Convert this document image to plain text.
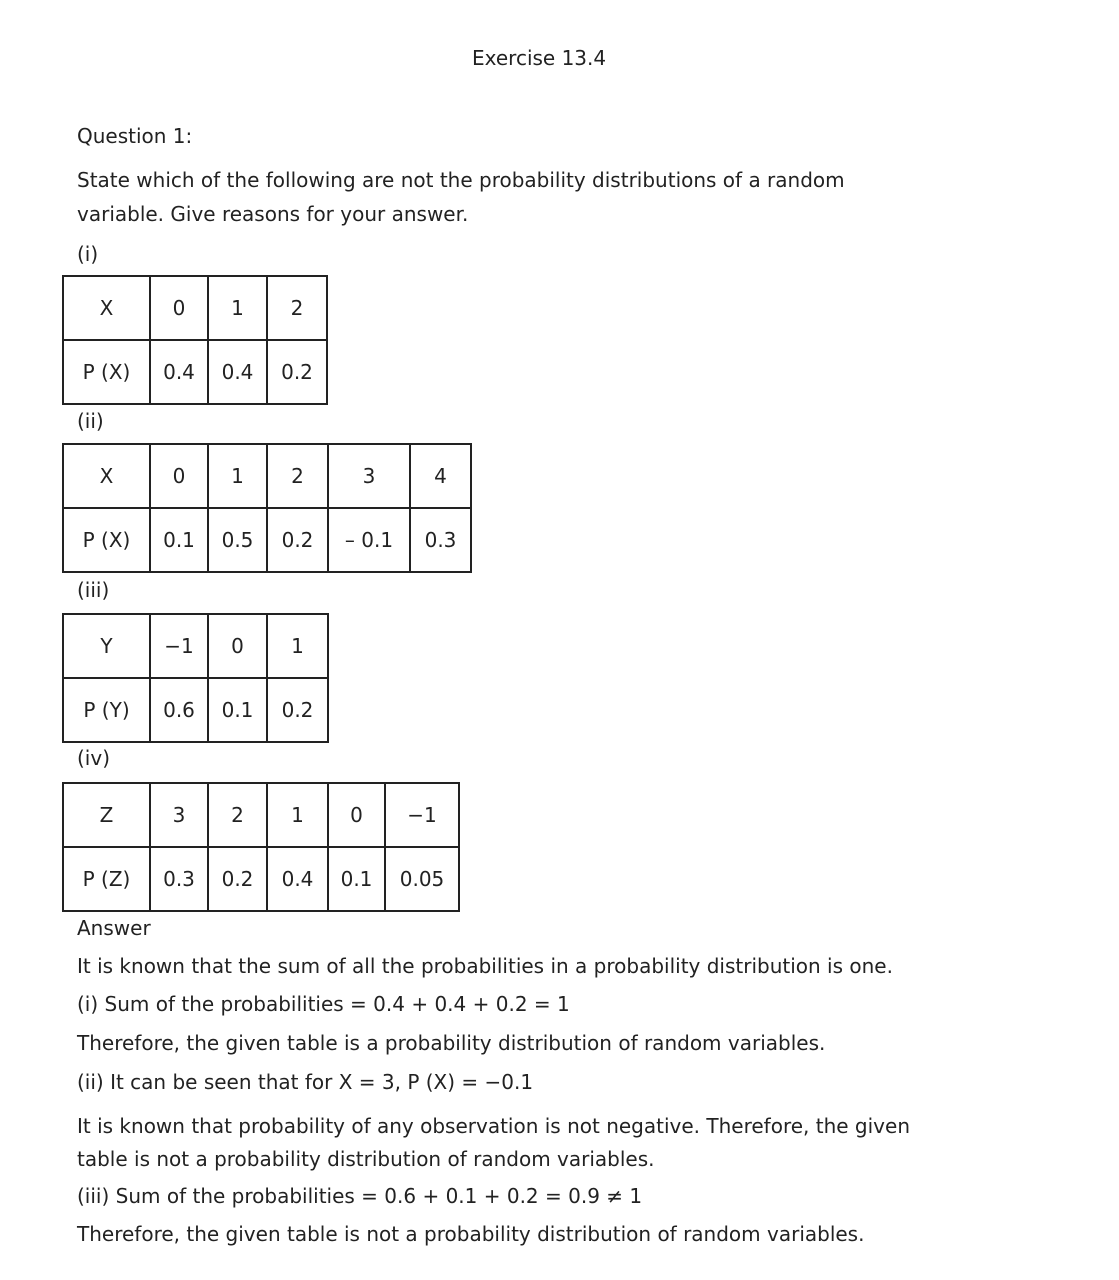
Exercise 13.4
Question 1:
State which of the following are not the probability distributions of a random
variable. Give reasons for your answer.
(i)
X	0	1	2
P (X)	0.4	0.4	0.2
(ii)
X	0	1	2	3	4
P (X)	0.1	0.5	0.2	– 0.1	0.3
(iii)
Y	−1	0	1
P (Y)	0.6	0.1	0.2
(iv)
Z	3	2	1	0	−1
P (Z)	0.3	0.2	0.4	0.1	0.05
Answer
It is known that the sum of all the probabilities in a probability distribution is one.
(i) Sum of the probabilities = 0.4 + 0.4 + 0.2 = 1
Therefore, the given table is a probability distribution of random variables.
(ii) It can be seen that for X = 3, P (X) = −0.1
It is known that probability of any observation is not negative. Therefore, the given
table is not a probability distribution of random variables.
(iii) Sum of the probabilities = 0.6 + 0.1 + 0.2 = 0.9 ≠ 1
Therefore, the given table is not a probability distribution of random variables.
